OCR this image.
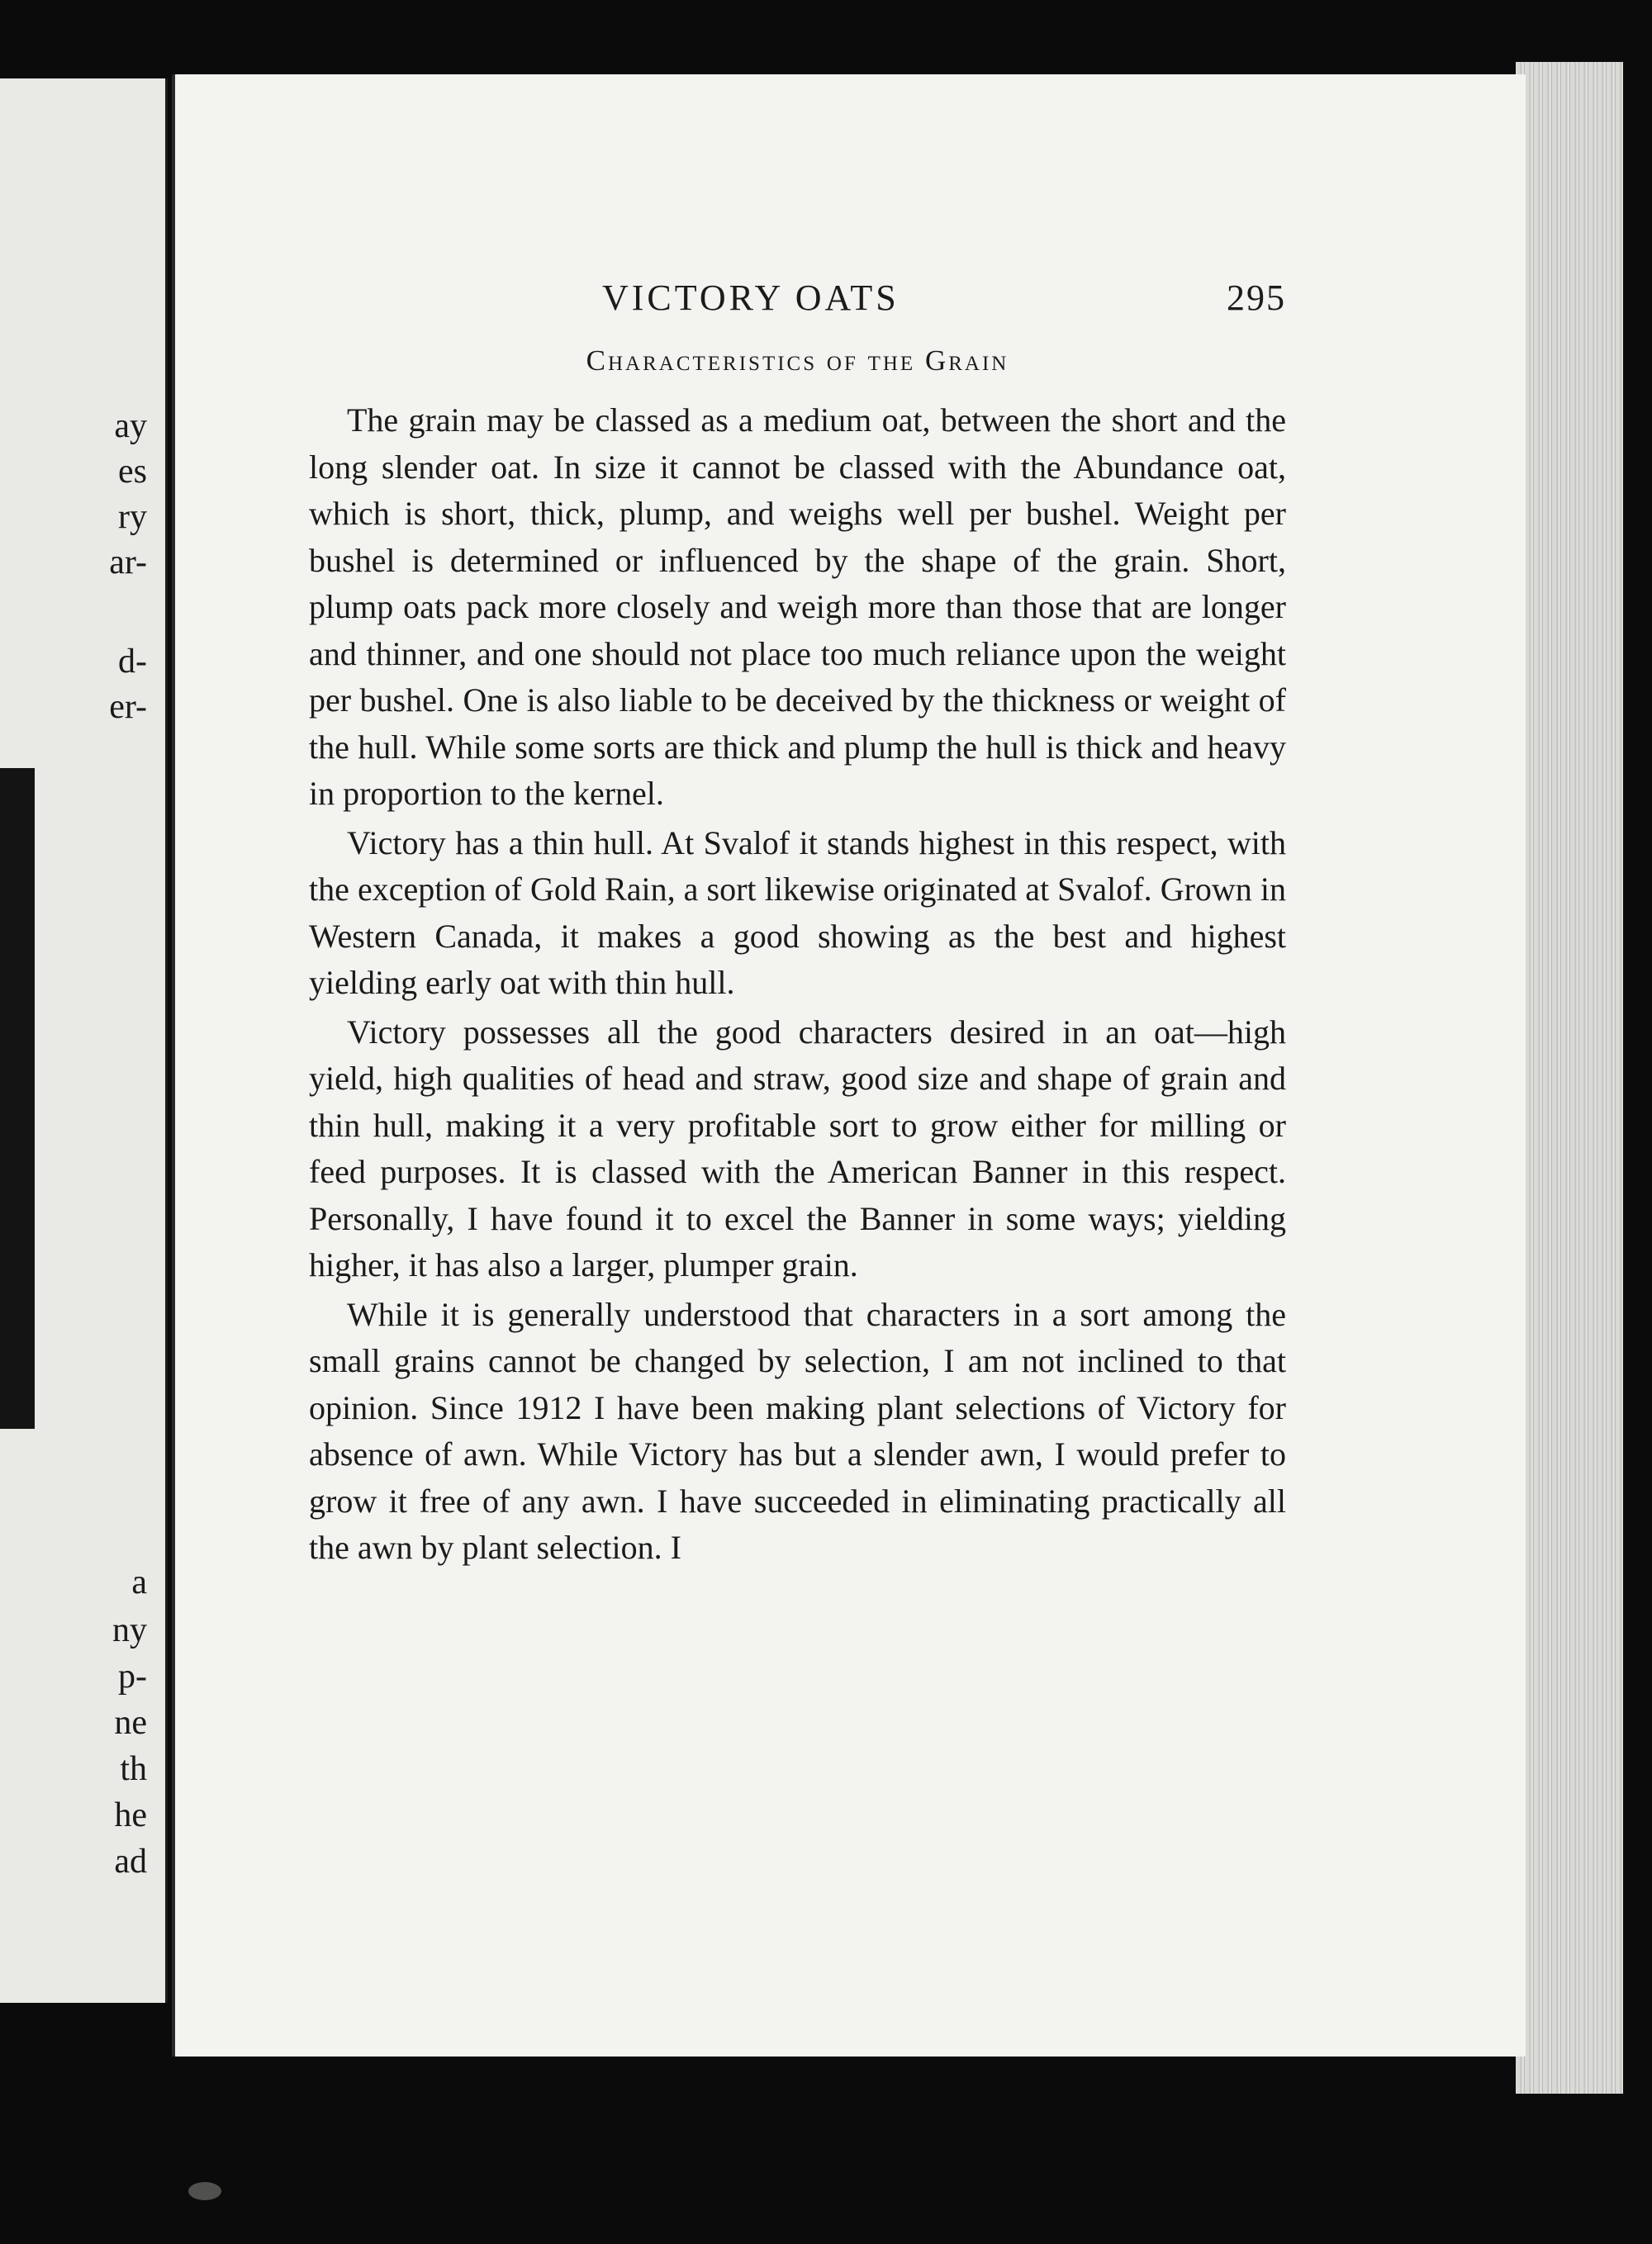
ay
es
ry
ar-
d-
er-
a
ny
p-
ne
th
he
ad
VICTORY OATS	295
Characteristics of the Grain

The grain may be classed as a medium oat, between the short and the long slender oat. In size it cannot be classed with the Abundance oat, which is short, thick, plump, and weighs well per bushel. Weight per bushel is determined or influenced by the shape of the grain. Short, plump oats pack more closely and weigh more than those that are longer and thinner, and one should not place too much reliance upon the weight per bushel. One is also liable to be deceived by the thickness or weight of the hull. While some sorts are thick and plump the hull is thick and heavy in proportion to the kernel.

Victory has a thin hull. At Svalof it stands highest in this respect, with the exception of Gold Rain, a sort likewise originated at Svalof. Grown in Western Canada, it makes a good showing as the best and highest yielding early oat with thin hull.

Victory possesses all the good characters desired in an oat—high yield, high qualities of head and straw, good size and shape of grain and thin hull, making it a very profitable sort to grow either for milling or feed purposes. It is classed with the American Banner in this respect. Personally, I have found it to excel the Banner in some ways; yielding higher, it has also a larger, plumper grain.

While it is generally understood that characters in a sort among the small grains cannot be changed by selection, I am not inclined to that opinion. Since 1912 I have been making plant selections of Victory for absence of awn. While Victory has but a slender awn, I would prefer to grow it free of any awn. I have succeeded in eliminating practically all the awn by plant selection. I
